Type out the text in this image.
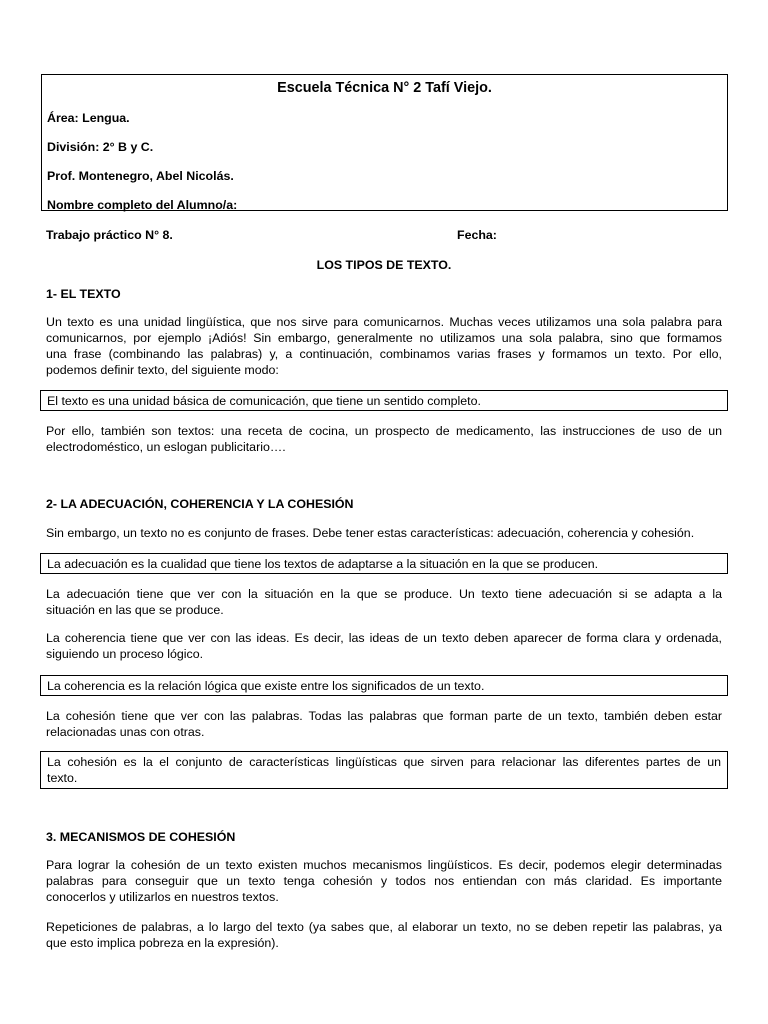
Escuela Técnica N° 2 Tafí Viejo.
Área: Lengua.
División: 2° B y C.
Prof. Montenegro, Abel Nicolás.
Nombre completo del Alumno/a:
Trabajo práctico N° 8.	Fecha:
LOS TIPOS DE TEXTO.
1- EL TEXTO
Un texto es una unidad lingüística, que nos sirve para comunicarnos. Muchas veces utilizamos una sola palabra para
comunicarnos, por ejemplo ¡Adiós! Sin embargo, generalmente no utilizamos una sola palabra, sino que formamos
una frase (combinando las palabras) y, a continuación, combinamos varias frases y formamos un texto. Por ello,
podemos definir texto, del siguiente modo:
El texto es una unidad básica de comunicación, que tiene un sentido completo.
Por ello, también son textos: una receta de cocina, un prospecto de medicamento, las instrucciones de uso de un
electrodoméstico, un eslogan publicitario….
2- LA ADECUACIÓN, COHERENCIA Y LA COHESIÓN
Sin embargo, un texto no es conjunto de frases. Debe tener estas características: adecuación, coherencia y cohesión.
La adecuación es la cualidad que tiene los textos de adaptarse a la situación en la que se producen.
La adecuación tiene que ver con la situación en la que se produce. Un texto tiene adecuación si se adapta a la
situación en las que se produce.
La coherencia tiene que ver con las ideas. Es decir, las ideas de un texto deben aparecer de forma clara y ordenada,
siguiendo un proceso lógico.
La coherencia es la relación lógica que existe entre los significados de un texto.
La cohesión tiene que ver con las palabras. Todas las palabras que forman parte de un texto, también deben estar
relacionadas unas con otras.
La cohesión es la el conjunto de características lingüísticas que sirven para relacionar las diferentes partes de un
texto.
3. MECANISMOS DE COHESIÓN
Para lograr la cohesión de un texto existen muchos mecanismos lingüísticos. Es decir, podemos elegir determinadas
palabras para conseguir que un texto tenga cohesión y todos nos entiendan con más claridad. Es importante
conocerlos y utilizarlos en nuestros textos.
Repeticiones de palabras, a lo largo del texto (ya sabes que, al elaborar un texto, no se deben repetir las palabras, ya
que esto implica pobreza en la expresión).
